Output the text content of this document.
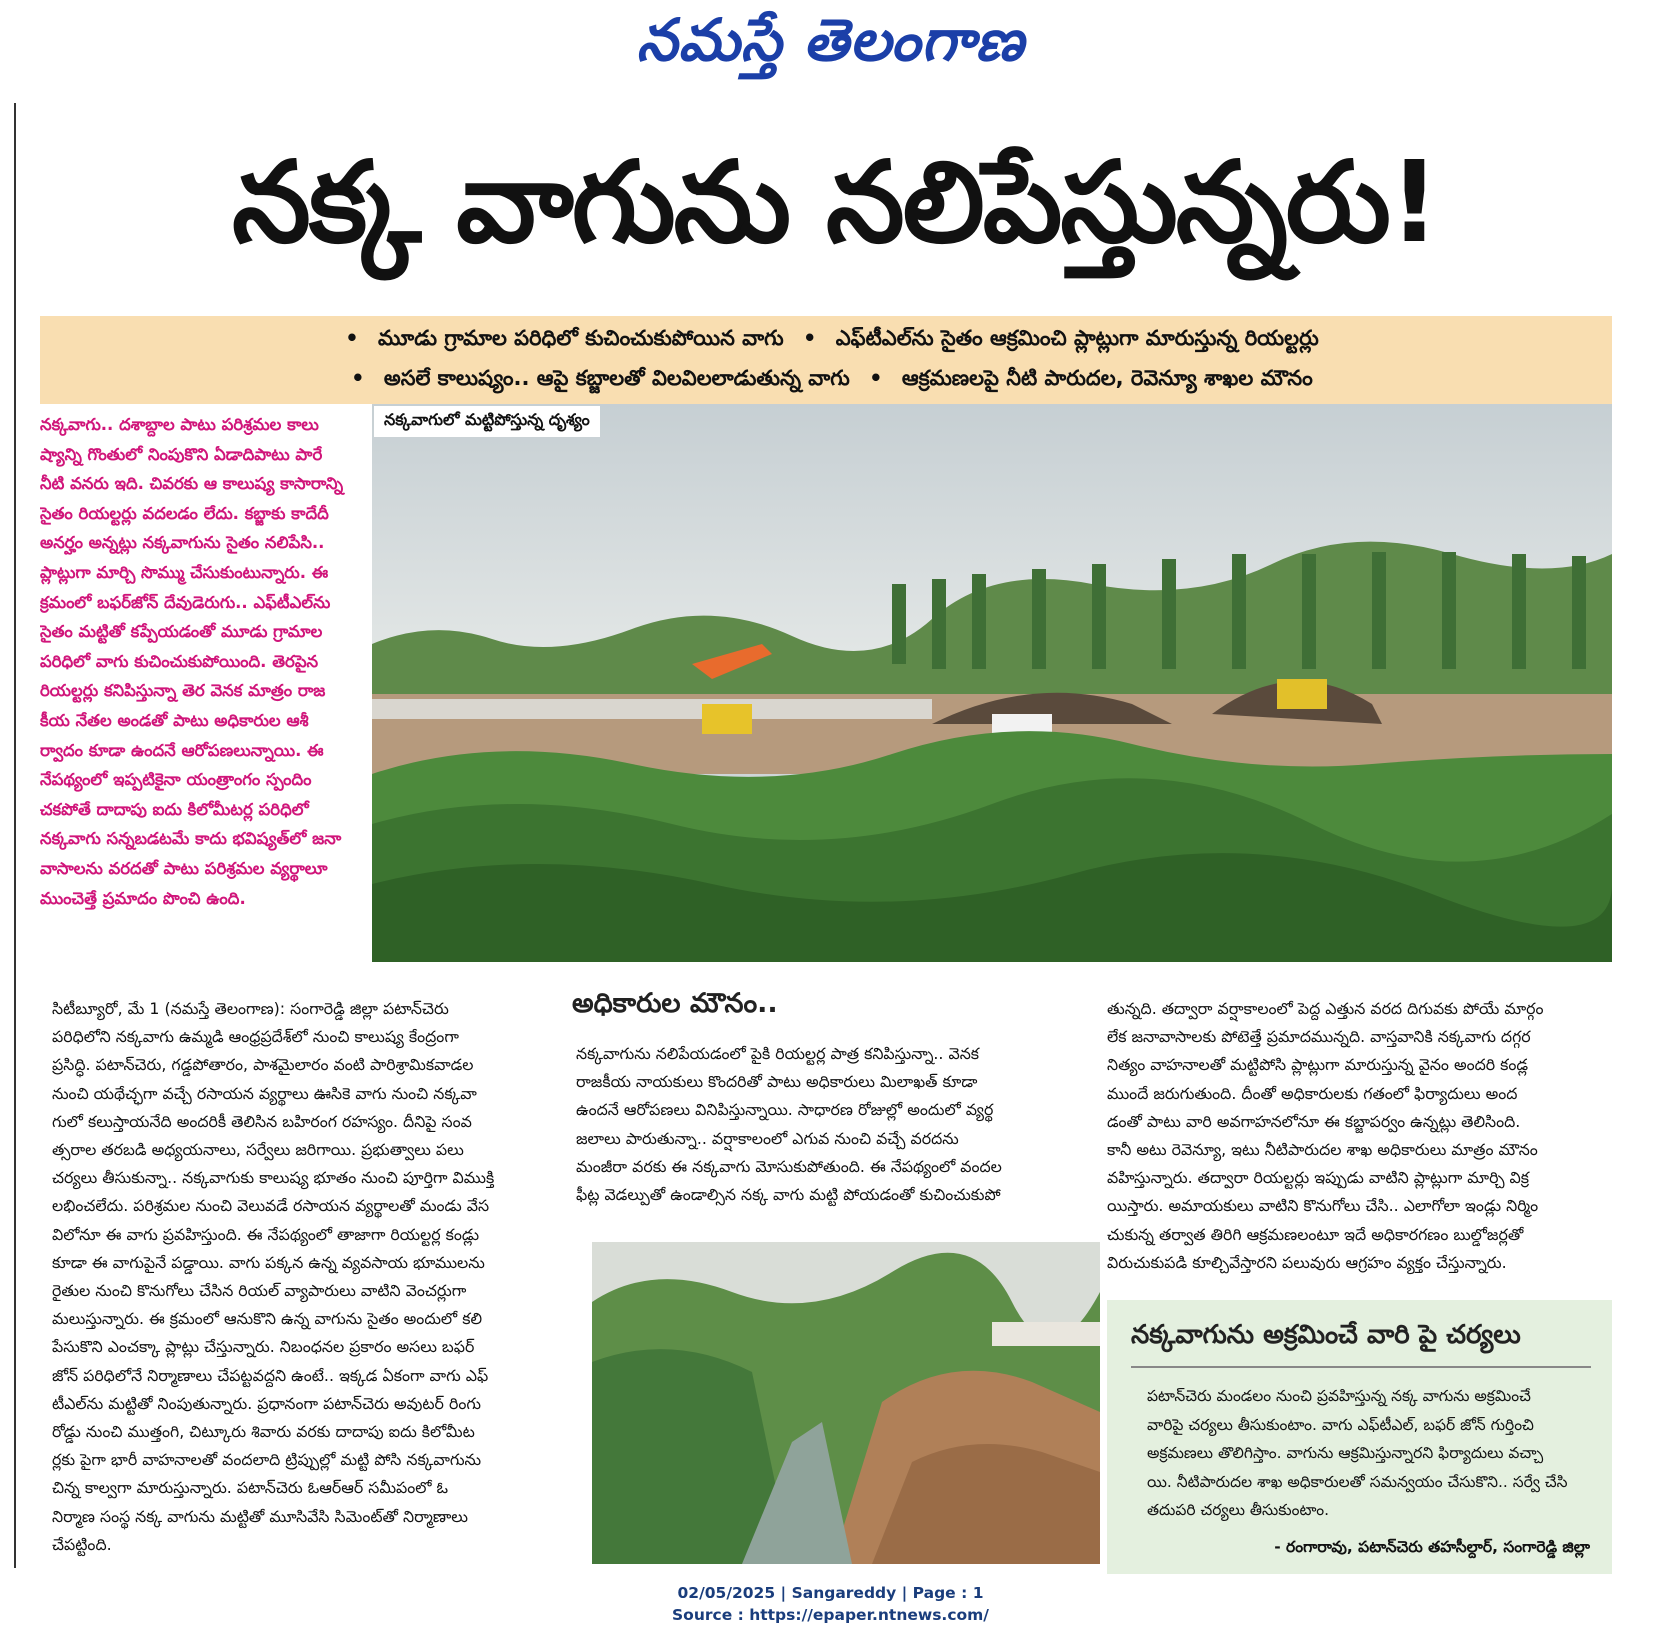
నమస్తే తెలంగాణ
నక్క వాగును నలిపేస్తున్నరు!
• మూడు గ్రామాల పరిధిలో కుచించుకుపోయిన వాగు • ఎఫ్‌టీఎల్‌ను సైతం ఆక్రమించి ప్లాట్లుగా మారుస్తున్న రియల్టర్లు
• అసలే కాలుష్యం.. ఆపై కబ్జాలతో విలవిలలాడుతున్న వాగు • ఆక్రమణలపై నీటి పారుదల, రెవెన్యూ శాఖల మౌనం
నక్కవాగు.. దశాబ్దాల పాటు పరిశ్రమల కాలు
ష్యాన్ని గొంతులో నింపుకొని ఏడాదిపాటు పారే
నీటి వనరు ఇది. చివరకు ఆ కాలుష్య కాసారాన్ని
సైతం రియల్టర్లు వదలడం లేదు. కబ్జాకు కాదేదీ
అనర్హం అన్నట్లు నక్కవాగును సైతం నలిపేసి..
ప్లాట్లుగా మార్చి సొమ్ము చేసుకుంటున్నారు. ఈ
క్రమంలో బఫర్‌జోన్ దేవుడెరుగు.. ఎఫ్‌టీఎల్‌ను
సైతం మట్టితో కప్పేయడంతో మూడు గ్రామాల
పరిధిలో వాగు కుచించుకుపోయింది. తెరపైన
రియల్టర్లు కనిపిస్తున్నా తెర వెనక మాత్రం రాజ
కీయ నేతల అండతో పాటు అధికారుల ఆశీ
ర్వాదం కూడా ఉందనే ఆరోపణలున్నాయి. ఈ
నేపథ్యంలో ఇప్పటికైనా యంత్రాంగం స్పందిం
చకపోతే దాదాపు ఐదు కిలోమీటర్ల పరిధిలో
నక్కవాగు సన్నబడటమే కాదు భవిష్యత్‌లో జనా
వాసాలను వరదతో పాటు పరిశ్రమల వ్యర్థాలూ
ముంచెత్తే ప్రమాదం పొంచి ఉంది.
నక్కవాగులో మట్టిపోస్తున్న దృశ్యం
సిటీబ్యూరో, మే 1 (నమస్తే తెలంగాణ): సంగారెడ్డి జిల్లా పటాన్‌చెరు
పరిధిలోని నక్కవాగు ఉమ్మడి ఆంధ్రప్రదేశ్‌లో నుంచి కాలుష్య కేంద్రంగా
ప్రసిద్ధి. పటాన్‌చెరు, గడ్డపోతారం, పాశమైలారం వంటి పారిశ్రామికవాడల
నుంచి యథేచ్ఛగా వచ్చే రసాయన వ్యర్థాలు ఊసికె వాగు నుంచి నక్కవా
గులో కలుస్తాయనేది అందరికీ తెలిసిన బహిరంగ రహస్యం. దీనిపై సంవ
త్సరాల తరబడి అధ్యయనాలు, సర్వేలు జరిగాయి. ప్రభుత్వాలు పలు
చర్యలు తీసుకున్నా.. నక్కవాగుకు కాలుష్య భూతం నుంచి పూర్తిగా విముక్తి
లభించలేదు. పరిశ్రమల నుంచి వెలువడే రసాయన వ్యర్థాలతో మండు వేస
విలోనూ ఈ వాగు ప్రవహిస్తుంది. ఈ నేపథ్యంలో తాజాగా రియల్టర్ల కండ్లు
కూడా ఈ వాగుపైనే పడ్డాయి. వాగు పక్కన ఉన్న వ్యవసాయ భూములను
రైతుల నుంచి కొనుగోలు చేసిన రియల్ వ్యాపారులు వాటిని వెంచర్లుగా
మలుస్తున్నారు. ఈ క్రమంలో ఆనుకొని ఉన్న వాగును సైతం అందులో కలి
పేసుకొని ఎంచక్కా ప్లాట్లు చేస్తున్నారు. నిబంధనల ప్రకారం అసలు బఫర్
జోన్ పరిధిలోనే నిర్మాణాలు చేపట్టవద్దని ఉంటే.. ఇక్కడ ఏకంగా వాగు ఎఫ్
టీఎల్‌ను మట్టితో నింపుతున్నారు. ప్రధానంగా పటాన్‌చెరు అవుటర్ రింగు
రోడ్డు నుంచి ముత్తంగి, చిట్కూరు శివారు వరకు దాదాపు ఐదు కిలోమీట
ర్లకు పైగా భారీ వాహనాలతో వందలాది ట్రిప్పుల్లో మట్టి పోసి నక్కవాగును
చిన్న కాల్వగా మారుస్తున్నారు. పటాన్‌చెరు ఓఆర్ఆర్ సమీపంలో ఓ
నిర్మాణ సంస్థ నక్క వాగును మట్టితో మూసివేసి సిమెంట్‌తో నిర్మాణాలు
చేపట్టింది.
అధికారుల మౌనం..
నక్కవాగును నలిపేయడంలో పైకి రియల్టర్ల పాత్ర కనిపిస్తున్నా.. వెనక
రాజకీయ నాయకులు కొందరితో పాటు అధికారులు మిలాఖత్ కూడా
ఉందనే ఆరోపణలు వినిపిస్తున్నాయి. సాధారణ రోజుల్లో అందులో వ్యర్థ
జలాలు పారుతున్నా.. వర్షాకాలంలో ఎగువ నుంచి వచ్చే వరదను
మంజీరా వరకు ఈ నక్కవాగు మోసుకుపోతుంది. ఈ నేపథ్యంలో వందల
ఫీట్ల వెడల్పుతో ఉండాల్సిన నక్క వాగు మట్టి పోయడంతో కుచించుకుపో
తున్నది. తద్వారా వర్షాకాలంలో పెద్ద ఎత్తున వరద దిగువకు పోయే మార్గం
లేక జనావాసాలకు పోటెత్తే ప్రమాదమున్నది. వాస్తవానికి నక్కవాగు దగ్గర
నిత్యం వాహనాలతో మట్టిపోసి ప్లాట్లుగా మారుస్తున్న వైనం అందరి కండ్ల
ముందే జరుగుతుంది. దీంతో అధికారులకు గతంలో ఫిర్యాదులు అంద
డంతో పాటు వారి అవగాహనలోనూ ఈ కబ్జాపర్వం ఉన్నట్లు తెలిసింది.
కానీ అటు రెవెన్యూ, ఇటు నీటిపారుదల శాఖ అధికారులు మాత్రం మౌనం
వహిస్తున్నారు. తద్వారా రియల్టర్లు ఇప్పుడు వాటిని ప్లాట్లుగా మార్చి విక్ర
యిస్తారు. అమాయకులు వాటిని కొనుగోలు చేసి.. ఎలాగోలా ఇండ్లు నిర్మిం
చుకున్న తర్వాత తిరిగి ఆక్రమణలంటూ ఇదే అధికారగణం బుల్డోజర్లతో
విరుచుకుపడి కూల్చివేస్తారని పలువురు ఆగ్రహం వ్యక్తం చేస్తున్నారు.
నక్కవాగును అక్రమించే వారి పై చర్యలు
పటాన్‌చెరు మండలం నుంచి ప్రవహిస్తున్న నక్క వాగును అక్రమించే
వారిపై చర్యలు తీసుకుంటాం. వాగు ఎఫ్‌టీఎల్, బఫర్ జోన్ గుర్తించి
అక్రమణలు తొలిగిస్తాం. వాగును ఆక్రమిస్తున్నారని ఫిర్యాదులు వచ్చా
యి. నీటిపారుదల శాఖ అధికారులతో సమన్వయం చేసుకొని.. సర్వే చేసి
తదుపరి చర్యలు తీసుకుంటాం.
- రంగారావు, పటాన్‌చెరు తహసీల్దార్, సంగారెడ్డి జిల్లా
02/05/2025 | Sangareddy | Page : 1
Source : https://epaper.ntnews.com/
